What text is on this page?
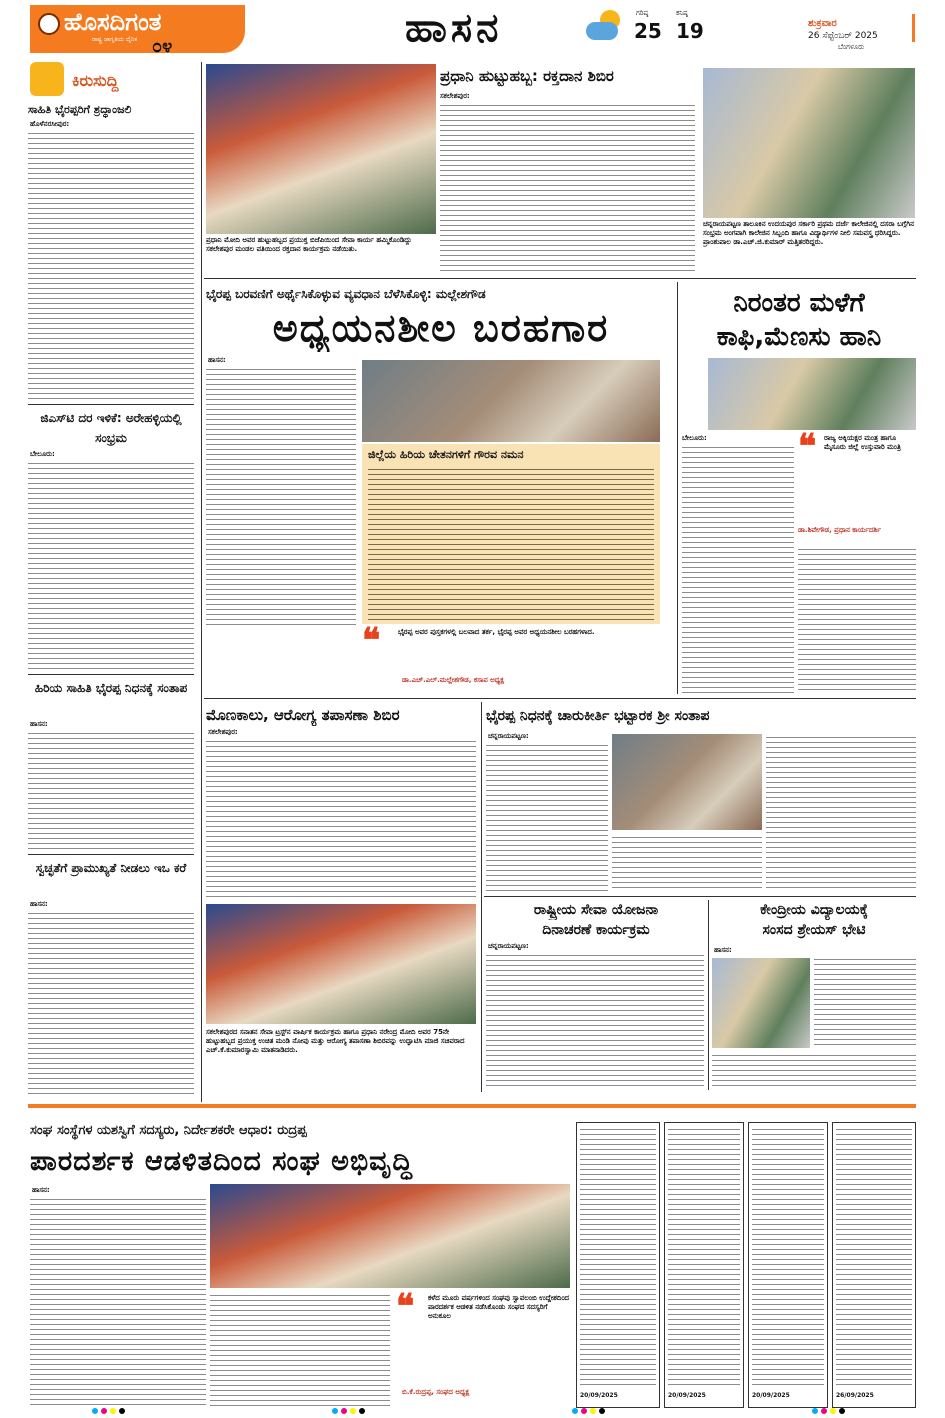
ಹೊಸದಿಗಂತ
ರಾಷ್ಟ್ರ ಜಾಗೃತಿಯ ದೈನಿಕ ೦೪	ಹಾಸನ	ಗರಿಷ್ಠ
25
ಕನಿಷ್ಠ
19	ಶುಕ್ರವಾರ
26 ಸೆಪ್ಟೆಂಬರ್ 2025
ಬೆಂಗಳೂರು
ಕಿರುಸುದ್ದಿ
ಸಾಹಿತಿ ಭೈರಪ್ಪರಿಗೆ ಶ್ರದ್ಧಾಂಜಲಿ
ಹೊಳೆನರಸೀಪುರ:
ಜಿಎಸ್‌ಟಿ ದರ ಇಳಿಕೆ: ಅರೇಹಳ್ಳಿಯಲ್ಲಿ ಸಂಭ್ರಮ
ಬೇಲೂರು:
ಹಿರಿಯ ಸಾಹಿತಿ ಭೈರಪ್ಪ ನಿಧನಕ್ಕೆ ಸಂತಾಪ
ಹಾಸನ:
ಸ್ವಚ್ಛತೆಗೆ ಪ್ರಾಮುಖ್ಯತೆ ನೀಡಲು ಇಒ ಕರೆ
ಹಾಸನ:
ಪ್ರಧಾನಿ ಮೋದಿ ಅವರ ಹುಟ್ಟುಹಬ್ಬದ ಪ್ರಯುಕ್ತ ಬಿಜೆಪಿಯಿಂದ ಸೇವಾ ಕಾರ್ಯ ಹಮ್ಮಿಕೊಂಡಿದ್ದು ಸಕಲೇಶಪುರ ಮಂಡಲ ವತಿಯಿಂದ ರಕ್ತದಾನ ಕಾರ್ಯಕ್ರಮ ನಡೆಯಿತು.
ಪ್ರಧಾನಿ ಹುಟ್ಟುಹಬ್ಬ: ರಕ್ತದಾನ ಶಿಬಿರ
ಸಕಲೇಶಪುರ:
ಚನ್ನರಾಯಪಟ್ಟಣ ತಾಲೂಕಿನ ಉದಯಪುರ ಸರ್ಕಾರಿ ಪ್ರಥಮ ದರ್ಜೆ ಕಾಲೇಜಿನಲ್ಲಿ ದಸರಾ ಬಗ್ಗೆಗಿನ ಸಂಭ್ರಮ ಅಂಗವಾಗಿ ಕಾಲೇಜಿನ ಸಿಬ್ಬಂದಿ ಹಾಗೂ ವಿದ್ಯಾರ್ಥಿಗಳ ನೀಲಿ ಸಮವಸ್ತ್ರ ಧರಿಸಿದ್ದರು. ಪ್ರಾಂಶುಪಾಲ ಡಾ.ಎಚ್.ಜಿ.ಕುಮಾರ್ ಮತ್ತಿತರರಿದ್ದರು.
ಭೈರಪ್ಪ ಬರವಣಿಗೆ ಅರ್ಥೈಸಿಕೊಳ್ಳುವ ವ್ಯವಧಾನ ಬೆಳೆಸಿಕೊಳ್ಳಿ: ಮಲ್ಲೇಶಗೌಡ
ಅಧ್ಯಯನಶೀಲ ಬರಹಗಾರ
ಹಾಸನ:
ಜಿಲ್ಲೆಯ ಹಿರಿಯ ಚೇತನಗಳಿಗೆ ಗೌರವ ನಮನ
❝	ಭೈರಪ್ಪ ಅವರ ಪುಸ್ತಕಗಳಲ್ಲಿ ಬಲವಾದ ತರ್ಕ, ಭೈರಪ್ಪ ಅವರ ಅಧ್ಯಯನಶೀಲ ಬರಹಗಳಾದ.
ಡಾ.ಎಚ್.ಎಲ್.ಮಲ್ಲೇಶಗೌಡ, ಕಸಾಪ ಅಧ್ಯಕ್ಷ
ನಿರಂತರ ಮಳೆಗೆ
ಕಾಫಿ,ಮೆಣಸು ಹಾನಿ
ಬೇಲೂರು:	❝	ರಾಜ್ಯ ಅಕ್ಕಿಯಕ್ಷರ ಮಂತ್ರ ಹಾಗೂ ಮೈಸೂರು ಜಿಲ್ಲೆ ಉಸ್ತುವಾರಿ ಮಂತ್ರಿ
ಡಾ.ಶಿವೇಗೌಡ, ಪ್ರಧಾನ ಕಾರ್ಯದರ್ಶಿ
ಮೊಣಕಾಲು, ಆರೋಗ್ಯ ತಪಾಸಣಾ ಶಿಬಿರ
ಸಕಲೇಶಪುರ:
ಸಕಲೇಶಪುರದ ಸನಾತನ ಸೇವಾ ಟ್ರಸ್ಟ್‌ನ ವಾರ್ಷಿಕ ಕಾರ್ಯಕ್ರಮ ಹಾಗೂ ಪ್ರಧಾನಿ ನರೇಂದ್ರ ಮೋದಿ ಅವರ 75ನೇ ಹುಟ್ಟುಹಬ್ಬದ ಪ್ರಯುಕ್ತ ಉಚಿತ ಮಂಡಿ ನೋವು ಮತ್ತು ಆರೋಗ್ಯ ತಪಾಸಣಾ ಶಿಬಿರವನ್ನು ಉದ್ಘಾಟಿಸಿ ಮಾಜಿ ಸಚಿವರಾದ ಎಚ್.ಕೆ.ಕುಮಾರಸ್ವಾಮಿ ಮಾತನಾಡಿದರು.
ಭೈರಪ್ಪ ನಿಧನಕ್ಕೆ ಚಾರುಕೀರ್ತಿ ಭಟ್ಟಾರಕ ಶ್ರೀ ಸಂತಾಪ
ಚನ್ನರಾಯಪಟ್ಟಣ:
ರಾಷ್ಟ್ರೀಯ ಸೇವಾ ಯೋಜನಾ
ದಿನಾಚರಣೆ ಕಾರ್ಯಕ್ರಮ
ಚನ್ನರಾಯಪಟ್ಟಣ:
ಕೇಂದ್ರೀಯ ವಿದ್ಯಾಲಯಕ್ಕೆ
ಸಂಸದ ಶ್ರೇಯಸ್ ಭೇಟಿ
ಹಾಸನ:
ಸಂಘ ಸಂಸ್ಥೆಗಳ ಯಶಸ್ವಿಗೆ ಸದಸ್ಯರು, ನಿರ್ದೇಶಕರೇ ಆಧಾರ: ರುದ್ರಪ್ಪ
ಪಾರದರ್ಶಕ ಆಡಳಿತದಿಂದ ಸಂಘ ಅಭಿವೃದ್ಧಿ
ಹಾಸನ:
❝	ಕಳೆದ ಮೂರು ವರ್ಷಗಳಿಂದ ಸಂಘವು ಸ್ವಾವಲಂಬಿ ಉದ್ದೇಶದಿಂದ ಪಾರದರ್ಶಕ ಆಡಳಿತ ನಡೆಸಿಕೊಂಡು ಸಂಘದ ಸದಸ್ಯರಿಗೆ ಅನುಕೂಲ
ಬಿ.ಕೆ.ರುದ್ರಪ್ಪ, ಸಂಘದ ಅಧ್ಯಕ್ಷ	20/09/2025	20/09/2025	20/09/2025	26/09/2025
